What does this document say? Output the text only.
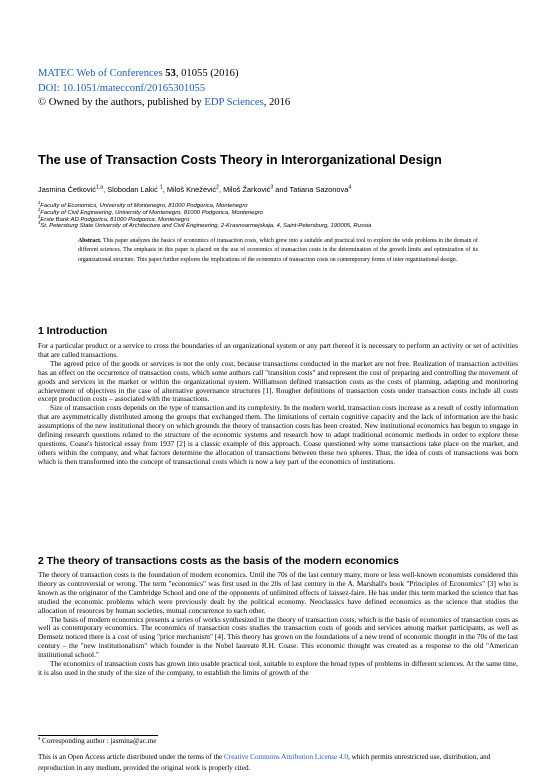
MATEC Web of Conferences 53, 01055 (2016)
DOI: 10.1051/matecconf/20165301055
© Owned by the authors, published by EDP Sciences, 2016
The use of Transaction Costs Theory in Interorganizational Design
Jasmina Ćetković$^{1,a}$, Slobodan Lakić $^1$, Miloš Knežević$^2$, Miloš Žarković$^3$ and Tatiana Sazonova$^4$
$^1$Faculty of Economics, University of Montenegro, 81000 Podgorica, Montenegro
$^2$Faculty of Civil Engineering, University of Montenegro, 81000 Podgorica, Montenegro
$^3$Erste Bank AD Podgorica, 81000 Podgorica, Montenegro
$^4$St. Petersburg State University of Architecture and Civil Engineering, 2-Krasnoarmejskaja, 4, Saint-Petersburg, 190005, Russia
Abstract. This paper analyzes the basics of economics of transaction costs, which grew into a suitable and practical tool to explore the wide problems in the domain of different sciences. The emphasis in this paper is placed on the use of economics of transaction costs in the determination of the growth limits and optimization of its organizational structure. This paper further explores the implications of the economics of transaction costs on contemporary forms of inter organizational design.
1 Introduction

For a particular product or a service to cross the boundaries of an organizational system or any part thereof it is necessary to perform an activity or set of activities that are called transactions.

The agreed price of the goods or services is not the only cost, because transactions conducted in the market are not free. Realization of transaction activities has an effect on the occurrence of transaction costs, which some authors call "transition costs" and represent the cost of preparing and controlling the movement of goods and services in the market or within the organizational system. Williamson defined transaction costs as the costs of planning, adapting and monitoring achievement of objectives in the case of alternative governance structures [1]. Rougher definitions of transaction costs under transaction costs include all costs except production costs – associated with the transactions.

Size of transaction costs depends on the type of transaction and its complexity. In the modern world, transaction costs increase as a result of costly information that are asymmetrically distributed among the groups that exchanged them. The limitations of certain cognitive capacity and the lack of information are the basic assumptions of the new institutional theory on which grounds the theory of transaction costs has been created. New institutional economics has begun to engage in defining research questions related to the structure of the economic systems and research how to adapt traditional economic methods in order to explore these questions. Coase's historical essay from 1937 [2] is a classic example of this approach. Coase questioned why some transactions take place on the market, and others within the company, and what factors determine the allocation of transactions between these two spheres. Thus, the idea of costs of transactions was born which is then transformed into the concept of transactional costs which is now a key part of the economics of institutions.

2 The theory of transactions costs as the basis of the modern economics

The theory of transaction costs is the foundation of modern economics. Until the 70s of the last century many, more or less well-known economists considered this theory as controversial or wrong. The term "economics" was first used in the 20s of last century in the A. Marshall's book "Principles of Economics" [3] who is known as the originator of the Cambridge School and one of the opponents of unlimited effects of laissez-faire. He has under this term marked the science that has studied the economic problems which were previously dealt by the political economy. Neoclassics have defined economics as the science that studies the allocation of resources by human societies, mutual concurrence to each other.

The basis of modern economics presents a series of works synthesized in the theory of transaction costs, which is the basis of economics of transaction costs as well as contemporary economics. The economics of transaction costs studies the transaction costs of goods and services among market participants, as well as Demsetz noticed there is a cost of using "price mechanism" [4]. This theory has grown on the foundations of a new trend of economic thought in the 70s of the last century – the "new institutionalism" which founder is the Nobel laureate R.H. Coase. This economic thought was created as a response to the old "American institutional school."

The economics of transaction costs has grown into usable practical tool, suitable to explore the broad types of problems in different sciences. At the same time, it is also used in the study of the size of the company, to establish the limits of growth of the

$^a$ Corresponding author : jasmina@ac.me
This is an Open Access article distributed under the terms of the Creative Commons Attribution License 4.0, which permits unrestricted use, distribution, and reproduction in any medium, provided the original work is properly cited.
